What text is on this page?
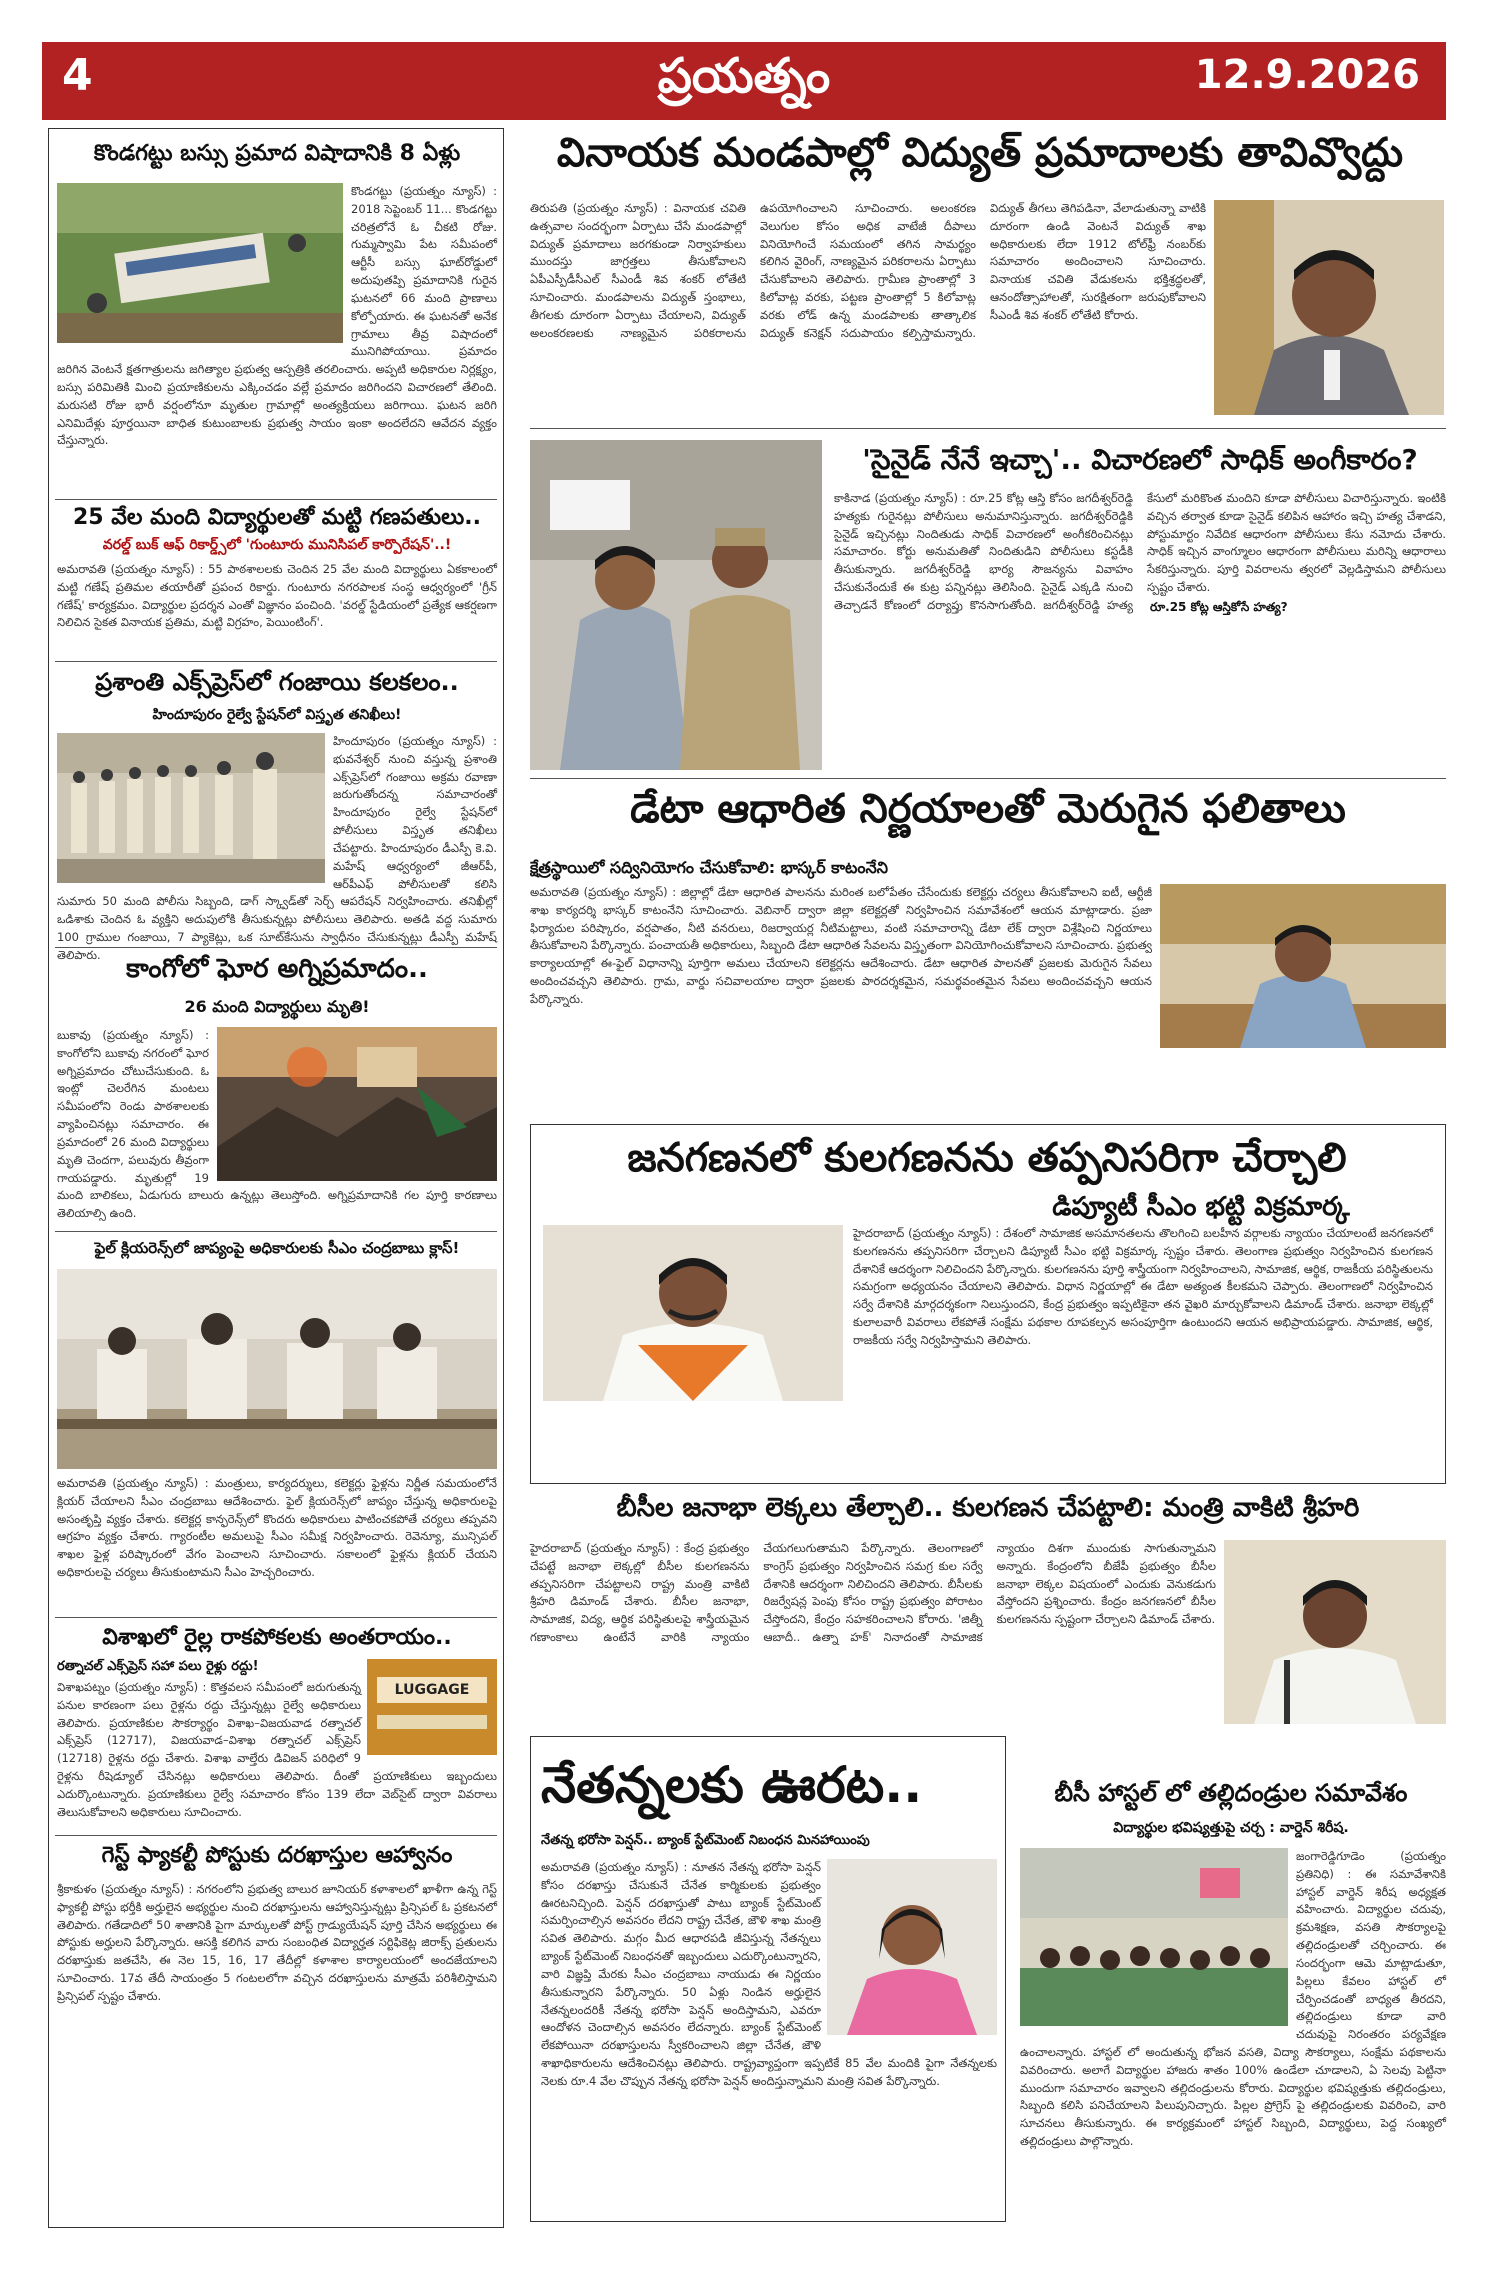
4	ప్రయత్నం	12.9.2026
కొండగట్టు బస్సు ప్రమాద విషాదానికి 8 ఏళ్లు
కొండగట్టు (ప్రయత్నం న్యూస్) : 2018 సెప్టెంబర్ 11... కొండగట్టు చరిత్రలోనే ఓ చీకటి రోజు. గుమ్మస్వామి పేట సమీపంలో ఆర్టీసీ బస్సు ఘాట్‌రోడ్డులో అదుపుతప్పి ప్రమాదానికి గురైన ఘటనలో 66 మంది ప్రాణాలు కోల్పోయారు. ఈ ఘటనతో అనేక గ్రామాలు తీవ్ర విషాదంలో మునిగిపోయాయి. ప్రమాదం జరిగిన వెంటనే క్షతగాత్రులను జగిత్యాల ప్రభుత్వ ఆస్పత్రికి తరలించారు. అప్పటి అధికారుల నిర్లక్ష్యం, బస్సు పరిమితికి మించి ప్రయాణికులను ఎక్కించడం వల్లే ప్రమాదం జరిగిందని విచారణలో తేలింది. మరుసటి రోజు భారీ వర్షంలోనూ మృతుల గ్రామాల్లో అంత్యక్రియలు జరిగాయి. ఘటన జరిగి ఎనిమిదేళ్లు పూర్తయినా బాధిత కుటుంబాలకు ప్రభుత్వ సాయం ఇంకా అందలేదని ఆవేదన వ్యక్తం చేస్తున్నారు.
25 వేల మంది విద్యార్థులతో మట్టి గణపతులు..
వరల్డ్ బుక్ ఆఫ్ రికార్డ్స్‌లో 'గుంటూరు మునిసిపల్ కార్పొరేషన్'..!
అమరావతి (ప్రయత్నం న్యూస్) : 55 పాఠశాలలకు చెందిన 25 వేల మంది విద్యార్థులు ఏకకాలంలో మట్టి గణేష్ ప్రతిమల తయారీతో ప్రపంచ రికార్డు. గుంటూరు నగరపాలక సంస్థ ఆధ్వర్యంలో 'గ్రీన్ గణేష్' కార్యక్రమం. విద్యార్థుల ప్రదర్శన ఎంతో విజ్ఞానం పంచింది. 'వరల్డ్ స్టేడియంలో ప్రత్యేక ఆకర్షణగా నిలిచిన సైకత వినాయక ప్రతిమ, మట్టి విగ్రహం, పెయింటింగ్'.
ప్రశాంతి ఎక్స్‌ప్రెస్‌లో గంజాయి కలకలం..
హిందూపురం రైల్వే స్టేషన్‌లో విస్తృత తనిఖీలు!
హిందూపురం (ప్రయత్నం న్యూస్) : భువనేశ్వర్ నుంచి వస్తున్న ప్రశాంతి ఎక్స్‌ప్రెస్‌లో గంజాయి అక్రమ రవాణా జరుగుతోందన్న సమాచారంతో హిందూపురం రైల్వే స్టేషన్‌లో పోలీసులు విస్తృత తనిఖీలు చేపట్టారు. హిందూపురం డీఎస్పీ కె.వి. మహేష్ ఆధ్వర్యంలో జీఆర్‌పీ, ఆర్‌పీఎఫ్ పోలీసులతో కలిసి సుమారు 50 మంది పోలీసు సిబ్బంది, డాగ్ స్క్వాడ్‌తో సెర్చ్ ఆపరేషన్ నిర్వహించారు. తనిఖీల్లో ఒడిశాకు చెందిన ఓ వ్యక్తిని అదుపులోకి తీసుకున్నట్లు పోలీసులు తెలిపారు. అతడి వద్ద సుమారు 100 గ్రాముల గంజాయి, 7 ప్యాకెట్లు, ఒక సూట్‌కేసును స్వాధీనం చేసుకున్నట్లు డీఎస్పీ మహేష్ తెలిపారు. కాంగోలో ఘోర అగ్నిప్రమాదం..
26 మంది విద్యార్థులు మృతి!
బుకావు (ప్రయత్నం న్యూస్) : కాంగోలోని బుకావు నగరంలో ఘోర అగ్నిప్రమాదం చోటుచేసుకుంది. ఓ ఇంట్లో చెలరేగిన మంటలు సమీపంలోని రెండు పాఠశాలలకు వ్యాపించినట్లు సమాచారం. ఈ ప్రమాదంలో 26 మంది విద్యార్థులు మృతి చెందగా, పలువురు తీవ్రంగా గాయపడ్డారు. మృతుల్లో 19 మంది బాలికలు, ఏడుగురు బాలురు ఉన్నట్లు తెలుస్తోంది. అగ్నిప్రమాదానికి గల పూర్తి కారణాలు తెలియాల్సి ఉంది.
ఫైల్ క్లియరెన్స్‌లో జాప్యంపై అధికారులకు సీఎం చంద్రబాబు క్లాస్!
అమరావతి (ప్రయత్నం న్యూస్) : మంత్రులు, కార్యదర్శులు, కలెక్టర్లు ఫైళ్లను నిర్ణీత సమయంలోనే క్లియర్ చేయాలని సీఎం చంద్రబాబు ఆదేశించారు. ఫైల్ క్లియరెన్స్‌లో జాప్యం చేస్తున్న అధికారులపై అసంతృప్తి వ్యక్తం చేశారు. కలెక్టర్ల కాన్ఫరెన్స్‌లో కొందరు అధికారులు పాటించకపోతే చర్యలు తప్పవని ఆగ్రహం వ్యక్తం చేశారు. గ్యారంటీల అమలుపై సీఎం సమీక్ష నిర్వహించారు. రెవెన్యూ, మున్సిపల్ శాఖల ఫైళ్ల పరిష్కారంలో వేగం పెంచాలని సూచించారు. సకాలంలో ఫైళ్లను క్లియర్ చేయని అధికారులపై చర్యలు తీసుకుంటామని సీఎం హెచ్చరించారు.
విశాఖలో రైల్ల రాకపోకలకు అంతరాయం..
రత్నాచల్ ఎక్స్‌ప్రెస్ సహా పలు రైళ్లు రద్దు!
LUGGAGE
విశాఖపట్నం (ప్రయత్నం న్యూస్) : కొత్తవలస సమీపంలో జరుగుతున్న పనుల కారణంగా పలు రైళ్లను రద్దు చేస్తున్నట్లు రైల్వే అధికారులు తెలిపారు. ప్రయాణికుల సౌకర్యార్థం విశాఖ–విజయవాడ రత్నాచల్ ఎక్స్‌ప్రెస్ (12717), విజయవాడ–విశాఖ రత్నాచల్ ఎక్స్‌ప్రెస్ (12718) రైళ్లను రద్దు చేశారు. విశాఖ వాల్తేరు డివిజన్ పరిధిలో 9 రైళ్లను రీషెడ్యూల్ చేసినట్లు అధికారులు తెలిపారు. దీంతో ప్రయాణికులు ఇబ్బందులు ఎదుర్కొంటున్నారు. ప్రయాణికులు రైల్వే సమాచారం కోసం 139 లేదా వెబ్‌సైట్ ద్వారా వివరాలు తెలుసుకోవాలని అధికారులు సూచించారు.
గెస్ట్ ఫ్యాకల్టీ పోస్టుకు దరఖాస్తుల ఆహ్వానం
శ్రీకాకుళం (ప్రయత్నం న్యూస్) : నగరంలోని ప్రభుత్వ బాలుర జూనియర్ కళాశాలలో ఖాళీగా ఉన్న గెస్ట్ ఫ్యాకల్టీ పోస్టు భర్తీకి అర్హులైన అభ్యర్థుల నుంచి దరఖాస్తులను ఆహ్వానిస్తున్నట్లు ప్రిన్సిపల్ ఓ ప్రకటనలో తెలిపారు. గతేడాదిలో 50 శాతానికి పైగా మార్కులతో పోస్ట్ గ్రాడ్యుయేషన్ పూర్తి చేసిన అభ్యర్థులు ఈ పోస్టుకు అర్హులని పేర్కొన్నారు. ఆసక్తి కలిగిన వారు సంబంధిత విద్యార్హత సర్టిఫికెట్ల జిరాక్స్ ప్రతులను దరఖాస్తుకు జతచేసి, ఈ నెల 15, 16, 17 తేదీల్లో కళాశాల కార్యాలయంలో అందజేయాలని సూచించారు. 17వ తేదీ సాయంత్రం 5 గంటలలోగా వచ్చిన దరఖాస్తులను మాత్రమే పరిశీలిస్తామని ప్రిన్సిపల్ స్పష్టం చేశారు.
వినాయక మండపాల్లో విద్యుత్ ప్రమాదాలకు తావివ్వొద్దు
తిరుపతి (ప్రయత్నం న్యూస్) : వినాయక చవితి ఉత్సవాల సందర్భంగా ఏర్పాటు చేసే మండపాల్లో విద్యుత్ ప్రమాదాలు జరగకుండా నిర్వాహకులు ముందస్తు జాగ్రత్తలు తీసుకోవాలని ఏపీఎస్పీడీసీఎల్ సీఎండీ శివ శంకర్ లోతేటి సూచించారు. మండపాలను విద్యుత్ స్తంభాలు, తీగలకు దూరంగా ఏర్పాటు చేయాలని, విద్యుత్ అలంకరణలకు నాణ్యమైన పరికరాలను ఉపయోగించాలని సూచించారు. అలంకరణ వెలుగుల కోసం అధిక వాటేజీ దీపాలు వినియోగించే సమయంలో తగిన సామర్థ్యం కలిగిన వైరింగ్, నాణ్యమైన పరికరాలను ఏర్పాటు చేసుకోవాలని తెలిపారు. గ్రామీణ ప్రాంతాల్లో 3 కిలోవాట్ల వరకు, పట్టణ ప్రాంతాల్లో 5 కిలోవాట్ల వరకు లోడ్ ఉన్న మండపాలకు తాత్కాలిక విద్యుత్ కనెక్షన్ సదుపాయం కల్పిస్తామన్నారు. విద్యుత్ తీగలు తెగిపడినా, వేలాడుతున్నా వాటికి దూరంగా ఉండి వెంటనే విద్యుత్ శాఖ అధికారులకు లేదా 1912 టోల్‌ఫ్రీ నంబర్‌కు సమాచారం అందించాలని సూచించారు. వినాయక చవితి వేడుకలను భక్తిశ్రద్ధలతో, ఆనందోత్సాహాలతో, సురక్షితంగా జరుపుకోవాలని సీఎండీ శివ శంకర్ లోతేటి కోరారు.
'సైనైడ్ నేనే ఇచ్చా'.. విచారణలో సాధిక్ అంగీకారం?
కాకినాడ (ప్రయత్నం న్యూస్) : రూ.25 కోట్ల ఆస్తి కోసం జగదీశ్వర్‌రెడ్డి హత్యకు గురైనట్లు పోలీసులు అనుమానిస్తున్నారు. జగదీశ్వర్‌రెడ్డికి సైనైడ్ ఇచ్చినట్లు నిందితుడు సాధిక్ విచారణలో అంగీకరించినట్లు సమాచారం. కోర్టు అనుమతితో నిందితుడిని పోలీసులు కస్టడీకి తీసుకున్నారు. జగదీశ్వర్‌రెడ్డి భార్య సౌజన్యను వివాహం చేసుకునేందుకే ఈ కుట్ర పన్నినట్లు తెలిసింది. సైనైడ్ ఎక్కడి నుంచి తెచ్చాడనే కోణంలో దర్యాప్తు కొనసాగుతోంది. జగదీశ్వర్‌రెడ్డి హత్య కేసులో మరికొంత మందిని కూడా పోలీసులు విచారిస్తున్నారు. ఇంటికి వచ్చిన తర్వాత కూడా సైనైడ్ కలిపిన ఆహారం ఇచ్చి హత్య చేశాడని, పోస్టుమార్టం నివేదిక ఆధారంగా పోలీసులు కేసు నమోదు చేశారు. సాధిక్ ఇచ్చిన వాంగ్మూలం ఆధారంగా పోలీసులు మరిన్ని ఆధారాలు సేకరిస్తున్నారు. పూర్తి వివరాలను త్వరలో వెల్లడిస్తామని పోలీసులు స్పష్టం చేశారు.
రూ.25 కోట్ల ఆస్తికోసే హత్య?
డేటా ఆధారిత నిర్ణయాలతో మెరుగైన ఫలితాలు
క్షేత్రస్థాయిలో సద్వినియోగం చేసుకోవాలి: భాస్కర్ కాటంనేని
అమరావతి (ప్రయత్నం న్యూస్) : జిల్లాల్లో డేటా ఆధారిత పాలనను మరింత బలోపేతం చేసేందుకు కలెక్టర్లు చర్యలు తీసుకోవాలని ఐటీ, ఆర్టీజీ శాఖ కార్యదర్శి భాస్కర్ కాటంనేని సూచించారు. వెబినార్‌ ద్వారా జిల్లా కలెక్టర్లతో నిర్వహించిన సమావేశంలో ఆయన మాట్లాడారు. ప్రజా ఫిర్యాదుల పరిష్కారం, వర్షపాతం, నీటి వనరులు, రిజర్వాయర్ల నీటిమట్టాలు, వంటి సమాచారాన్ని డేటా లేక్ ద్వారా విశ్లేషించి నిర్ణయాలు తీసుకోవాలని పేర్కొన్నారు. పంచాయతీ అధికారులు, సిబ్బంది డేటా ఆధారిత సేవలను విస్తృతంగా వినియోగించుకోవాలని సూచించారు. ప్రభుత్వ కార్యాలయాల్లో ఈ-ఫైల్ విధానాన్ని పూర్తిగా అమలు చేయాలని కలెక్టర్లను ఆదేశించారు. డేటా ఆధారిత పాలనతో ప్రజలకు మెరుగైన సేవలు అందించవచ్చని తెలిపారు. గ్రామ, వార్డు సచివాలయాల ద్వారా ప్రజలకు పారదర్శకమైన, సమర్థవంతమైన సేవలు అందించవచ్చని ఆయన పేర్కొన్నారు.
జనగణనలో కులగణనను తప్పనిసరిగా చేర్చాలి
డిప్యూటీ సీఎం భట్టి విక్రమార్క
హైదరాబాద్ (ప్రయత్నం న్యూస్) : దేశంలో సామాజిక అసమానతలను తొలగించి బలహీన వర్గాలకు న్యాయం చేయాలంటే జనగణనలో కులగణనను తప్పనిసరిగా చేర్చాలని డిప్యూటీ సీఎం భట్టి విక్రమార్క స్పష్టం చేశారు. తెలంగాణ ప్రభుత్వం నిర్వహించిన కులగణన దేశానికే ఆదర్శంగా నిలిచిందని పేర్కొన్నారు. కులగణనను పూర్తి శాస్త్రీయంగా నిర్వహించాలని, సామాజిక, ఆర్థిక, రాజకీయ పరిస్థితులను సమగ్రంగా అధ్యయనం చేయాలని తెలిపారు. విధాన నిర్ణయాల్లో ఈ డేటా అత్యంత కీలకమని చెప్పారు. తెలంగాణలో నిర్వహించిన సర్వే దేశానికి మార్గదర్శకంగా నిలుస్తుందని, కేంద్ర ప్రభుత్వం ఇప్పటికైనా తన వైఖరి మార్చుకోవాలని డిమాండ్ చేశారు. జనాభా లెక్కల్లో కులాలవారీ వివరాలు లేకపోతే సంక్షేమ పథకాల రూపకల్పన అసంపూర్తిగా ఉంటుందని ఆయన అభిప్రాయపడ్డారు. సామాజిక, ఆర్థిక, రాజకీయ సర్వే నిర్వహిస్తామని తెలిపారు.
బీసీల జనాభా లెక్కలు తేల్చాలి.. కులగణన చేపట్టాలి: మంత్రి వాకిటి శ్రీహరి
హైదరాబాద్ (ప్రయత్నం న్యూస్) : కేంద్ర ప్రభుత్వం చేపట్టే జనాభా లెక్కల్లో బీసీల కులగణనను తప్పనిసరిగా చేపట్టాలని రాష్ట్ర మంత్రి వాకిటి శ్రీహరి డిమాండ్ చేశారు. బీసీల జనాభా, సామాజిక, విద్య, ఆర్థిక పరిస్థితులపై శాస్త్రీయమైన గణాంకాలు ఉంటేనే వారికి న్యాయం చేయగలుగుతామని పేర్కొన్నారు. తెలంగాణలో కాంగ్రెస్ ప్రభుత్వం నిర్వహించిన సమగ్ర కుల సర్వే దేశానికి ఆదర్శంగా నిలిచిందని తెలిపారు. బీసీలకు రిజర్వేషన్ల పెంపు కోసం రాష్ట్ర ప్రభుత్వం పోరాటం చేస్తోందని, కేంద్రం సహకరించాలని కోరారు. 'జిత్నీ ఆబాదీ.. ఉత్నా హక్' నినాదంతో సామాజిక న్యాయం దిశగా ముందుకు సాగుతున్నామని అన్నారు. కేంద్రంలోని బీజేపీ ప్రభుత్వం బీసీల జనాభా లెక్కల విషయంలో ఎందుకు వెనుకడుగు వేస్తోందని ప్రశ్నించారు. కేంద్రం జనగణనలో బీసీల కులగణనను స్పష్టంగా చేర్చాలని డిమాండ్ చేశారు.
నేతన్నలకు ఊరట..
నేతన్న భరోసా పెన్షన్.. బ్యాంక్ స్టేట్‌మెంట్ నిబంధన మినహాయింపు
అమరావతి (ప్రయత్నం న్యూస్) : నూతన నేతన్న భరోసా పెన్షన్ కోసం దరఖాస్తు చేసుకునే చేనేత కార్మికులకు ప్రభుత్వం ఊరటనిచ్చింది. పెన్షన్ దరఖాస్తుతో పాటు బ్యాంక్ స్టేట్‌మెంట్ సమర్పించాల్సిన అవసరం లేదని రాష్ట్ర చేనేత, జౌళి శాఖ మంత్రి సవిత తెలిపారు. మగ్గం మీద ఆధారపడి జీవిస్తున్న నేతన్నలు బ్యాంక్ స్టేట్‌మెంట్ నిబంధనతో ఇబ్బందులు ఎదుర్కొంటున్నారని, వారి విజ్ఞప్తి మేరకు సీఎం చంద్రబాబు నాయుడు ఈ నిర్ణయం తీసుకున్నారని పేర్కొన్నారు. 50 ఏళ్లు నిండిన అర్హులైన నేతన్నలందరికీ నేతన్న భరోసా పెన్షన్ అందిస్తామని, ఎవరూ ఆందోళన చెందాల్సిన అవసరం లేదన్నారు. బ్యాంక్ స్టేట్‌మెంట్ లేకపోయినా దరఖాస్తులను స్వీకరించాలని జిల్లా చేనేత, జౌళి శాఖాధికారులను ఆదేశించినట్లు తెలిపారు. రాష్ట్రవ్యాప్తంగా ఇప్పటికే 85 వేల మందికి పైగా నేతన్నలకు నెలకు రూ.4 వేల చొప్పున నేతన్న భరోసా పెన్షన్ అందిస్తున్నామని మంత్రి సవిత పేర్కొన్నారు.
బీసీ హాస్టల్ లో తల్లిదండ్రుల సమావేశం
విద్యార్థుల భవిష్యత్తుపై చర్చ : వార్డెన్ శిరీష.
జంగారెడ్డిగూడెం (ప్రయత్నం ప్రతినిధి) : ఈ సమావేశానికి హాస్టల్ వార్డెన్ శిరీష అధ్యక్షత వహించారు. విద్యార్థుల చదువు, క్రమశిక్షణ, వసతి సౌకర్యాలపై తల్లిదండ్రులతో చర్చించారు. ఈ సందర్భంగా ఆమె మాట్లాడుతూ, పిల్లలు కేవలం హాస్టల్ లో చేర్పించడంతో బాధ్యత తీరదని, తల్లిదండ్రులు కూడా వారి చదువుపై నిరంతరం పర్యవేక్షణ ఉంచాలన్నారు. హాస్టల్ లో అందుతున్న భోజన వసతి, విద్యా సౌకర్యాలు, సంక్షేమ పథకాలను వివరించారు. అలాగే విద్యార్థుల హాజరు శాతం 100% ఉండేలా చూడాలని, ఏ సెలవు పెట్టినా ముందుగా సమాచారం ఇవ్వాలని తల్లిదండ్రులను కోరారు. విద్యార్థుల భవిష్యత్తుకు తల్లిదండ్రులు, సిబ్బంది కలిసి పనిచేయాలని పిలుపునిచ్చారు. పిల్లల ప్రోగ్రెస్ పై తల్లిదండ్రులకు వివరించి, వారి సూచనలు తీసుకున్నారు. ఈ కార్యక్రమంలో హాస్టల్ సిబ్బంది, విద్యార్థులు, పెద్ద సంఖ్యలో తల్లిదండ్రులు పాల్గొన్నారు.
